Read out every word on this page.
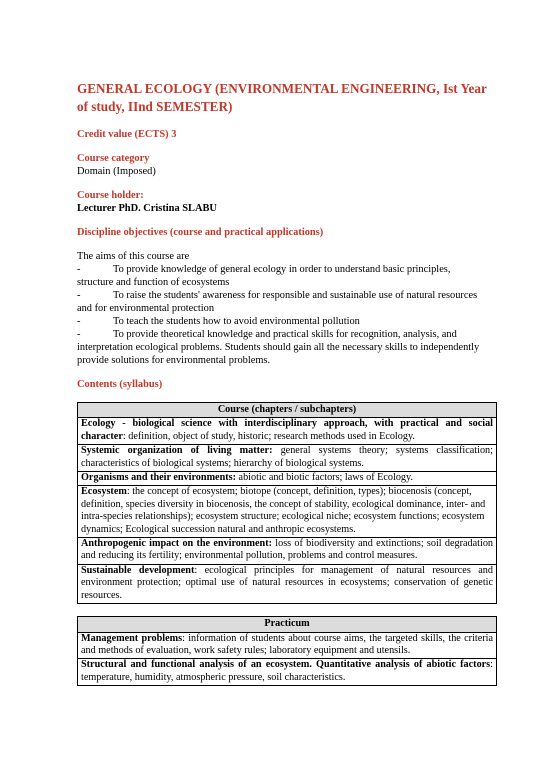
GENERAL ECOLOGY (ENVIRONMENTAL ENGINEERING, Ist Year of study, IInd SEMESTER)

Credit value (ECTS) 3

Course category

Domain (Imposed)

Course holder:

Lecturer PhD. Cristina SLABU

Discipline objectives (course and practical applications)

The aims of this course are

-	To provide knowledge of general ecology in order to understand basic principles,
structure and function of ecosystems
-	To raise the students' awareness for responsible and sustainable use of natural resources
and for environmental protection
-	To teach the students how to avoid environmental pollution
-	To provide theoretical knowledge and practical skills for recognition, analysis, and
interpretation ecological problems. Students should gain all the necessary skills to independently provide solutions for environmental problems.

Contents (syllabus)

Course (chapters / subchapters)
Ecology - biological science with interdisciplinary approach, with practical and social character: definition, object of study, historic; research methods used in Ecology.
Systemic organization of living matter: general systems theory; systems classification; characteristics of biological systems; hierarchy of biological systems.
Organisms and their environments: abiotic and biotic factors; laws of Ecology.
Ecosystem: the concept of ecosystem; biotope (concept, definition, types); biocenosis (concept, definition, species diversity in biocenosis, the concept of stability, ecological dominance, inter- and intra-species relationships); ecosystem structure; ecological niche; ecosystem functions; ecosystem dynamics; Ecological succession natural and anthropic ecosystems.
Anthropogenic impact on the environment: loss of biodiversity and extinctions; soil degradation and reducing its fertility; environmental pollution, problems and control measures.
Sustainable development: ecological principles for management of natural resources and environment protection; optimal use of natural resources in ecosystems; conservation of genetic resources.
Practicum
Management problems: information of students about course aims, the targeted skills, the criteria and methods of evaluation, work safety rules; laboratory equipment and utensils.
Structural and functional analysis of an ecosystem. Quantitative analysis of abiotic factors: temperature, humidity, atmospheric pressure, soil characteristics.
